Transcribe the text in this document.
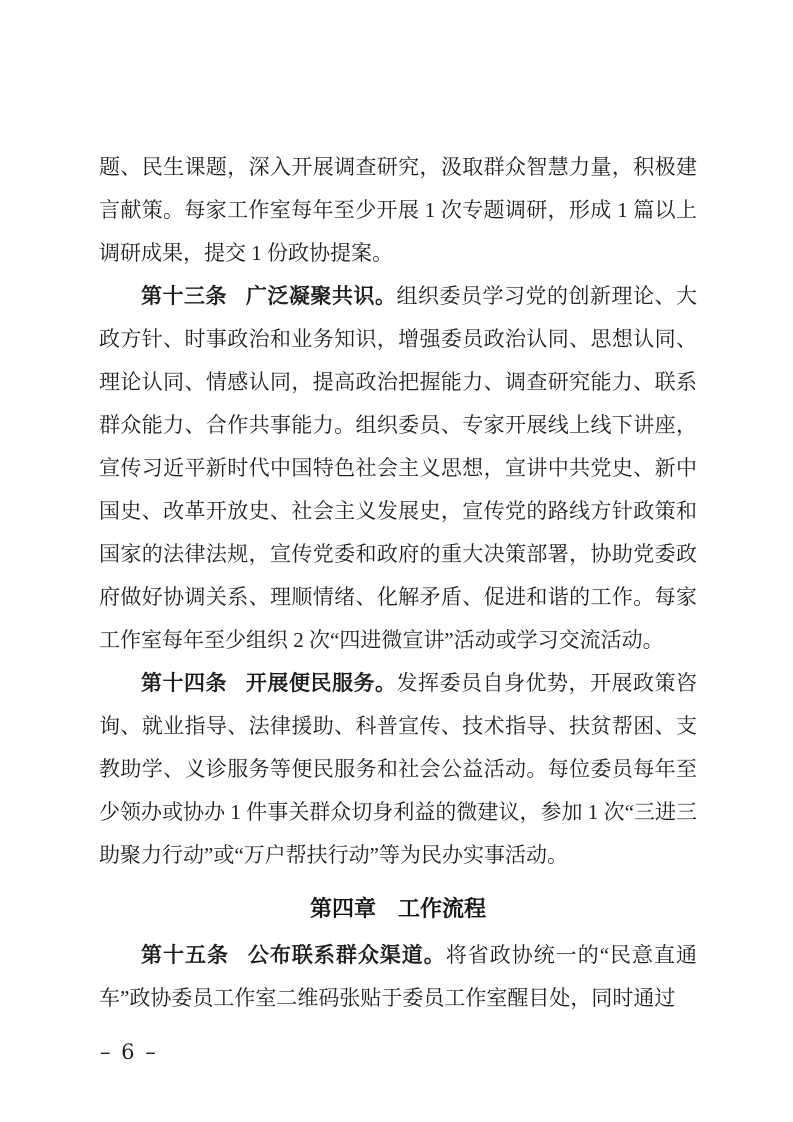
题、民生课题，深入开展调查研究，汲取群众智慧力量，积极建言献策。每家工作室每年至少开展 1 次专题调研，形成 1 篇以上调研成果，提交 1 份政协提案。

第十三条 广泛凝聚共识。组织委员学习党的创新理论、大政方针、时事政治和业务知识，增强委员政治认同、思想认同、理论认同、情感认同，提高政治把握能力、调查研究能力、联系群众能力、合作共事能力。组织委员、专家开展线上线下讲座，宣传习近平新时代中国特色社会主义思想，宣讲中共党史、新中国史、改革开放史、社会主义发展史，宣传党的路线方针政策和国家的法律法规，宣传党委和政府的重大决策部署，协助党委政府做好协调关系、理顺情绪、化解矛盾、促进和谐的工作。每家工作室每年至少组织 2 次“四进微宣讲”活动或学习交流活动。

第十四条 开展便民服务。发挥委员自身优势，开展政策咨询、就业指导、法律援助、科普宣传、技术指导、扶贫帮困、支教助学、义诊服务等便民服务和社会公益活动。每位委员每年至少领办或协办 1 件事关群众切身利益的微建议，参加 1 次“三进三助聚力行动”或“万户帮扶行动”等为民办实事活动。

第四章　工作流程

第十五条 公布联系群众渠道。将省政协统一的“民意直通车”政协委员工作室二维码张贴于委员工作室醒目处，同时通过

– 6 –
